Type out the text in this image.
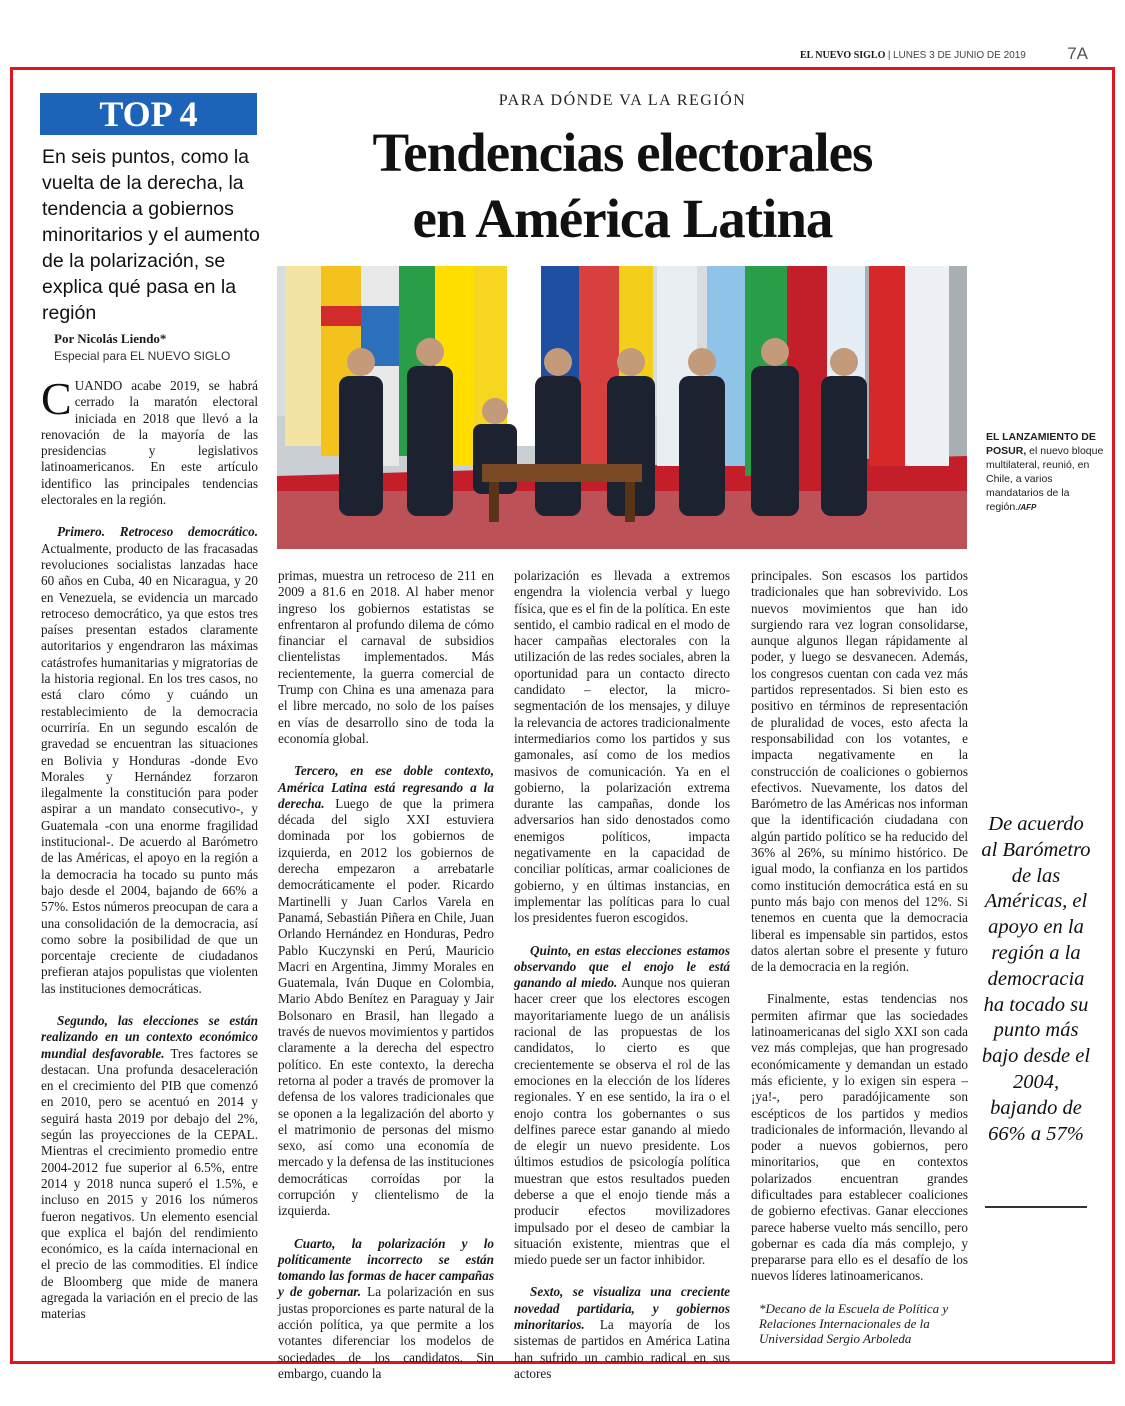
EL NUEVO SIGLO | LUNES 3 DE JUNIO DE 2019 7A
TOP 4
En seis puntos, como la vuelta de la derecha, la tendencia a gobiernos minoritarios y el aumento de la polarización, se explica qué pasa en la región
Por Nicolás Liendo*
Especial para EL NUEVO SIGLO
PARA DÓNDE VA LA REGIÓN
Tendencias electorales
en América Latina
EL LANZAMIENTO DE POSUR, el nuevo bloque multilateral, reunió, en Chile, a varios mandatarios de la región./AFP

CUANDO acabe 2019, se habrá cerrado la maratón electoral iniciada en 2018 que llevó a la renovación de la mayoría de las presidencias y legislativos latinoamericanos. En este artículo identifico las principales tendencias electorales en la región.

Primero. Retroceso democrático. Actualmente, producto de las fracasadas revoluciones socialistas lanzadas hace 60 años en Cuba, 40 en Nicaragua, y 20 en Venezuela, se evidencia un marcado retroceso democrático, ya que estos tres países presentan estados claramente autoritarios y engendraron las máximas catástrofes humanitarias y migratorias de la historia regional. En los tres casos, no está claro cómo y cuándo un restablecimiento de la democracia ocurriría. En un segundo escalón de gravedad se encuentran las situaciones en Bolivia y Honduras -donde Evo Morales y Hernández forzaron ilegalmente la constitución para poder aspirar a un mandato consecutivo-, y Guatemala -con una enorme fragilidad institucional-. De acuerdo al Barómetro de las Américas, el apoyo en la región a la democracia ha tocado su punto más bajo desde el 2004, bajando de 66% a 57%. Estos números preocupan de cara a una consolidación de la democracia, así como sobre la posibilidad de que un porcentaje creciente de ciudadanos prefieran atajos populistas que violenten las instituciones democráticas.

Segundo, las elecciones se están realizando en un contexto económico mundial desfavorable. Tres factores se destacan. Una profunda desaceleración en el crecimiento del PIB que comenzó en 2010, pero se acentuó en 2014 y seguirá hasta 2019 por debajo del 2%, según las proyecciones de la CEPAL. Mientras el crecimiento promedio entre 2004-2012 fue superior al 6.5%, entre 2014 y 2018 nunca superó el 1.5%, e incluso en 2015 y 2016 los números fueron negativos. Un elemento esencial que explica el bajón del rendimiento económico, es la caída internacional en el precio de las commodities. El índice de Bloomberg que mide de manera agregada la variación en el precio de las materias

primas, muestra un retroceso de 211 en 2009 a 81.6 en 2018. Al haber menor ingreso los gobiernos estatistas se enfrentaron al profundo dilema de cómo financiar el carnaval de subsidios clientelistas implementados. Más recientemente, la guerra comercial de Trump con China es una amenaza para el libre mercado, no solo de los países en vías de desarrollo sino de toda la economía global.

Tercero, en ese doble contexto, América Latina está regresando a la derecha. Luego de que la primera década del siglo XXI estuviera dominada por los gobiernos de izquierda, en 2012 los gobiernos de derecha empezaron a arrebatarle democráticamente el poder. Ricardo Martinelli y Juan Carlos Varela en Panamá, Sebastián Piñera en Chile, Juan Orlando Hernández en Honduras, Pedro Pablo Kuczynski en Perú, Mauricio Macri en Argentina, Jimmy Morales en Guatemala, Iván Duque en Colombia, Mario Abdo Benítez en Paraguay y Jair Bolsonaro en Brasil, han llegado a través de nuevos movimientos y partidos claramente a la derecha del espectro político. En este contexto, la derecha retorna al poder a través de promover la defensa de los valores tradicionales que se oponen a la legalización del aborto y el matrimonio de personas del mismo sexo, así como una economía de mercado y la defensa de las instituciones democráticas corroídas por la corrupción y clientelismo de la izquierda.

Cuarto, la polarización y lo políticamente incorrecto se están tomando las formas de hacer campañas y de gobernar. La polarización en sus justas proporciones es parte natural de la acción política, ya que permite a los votantes diferenciar los modelos de sociedades de los candidatos. Sin embargo, cuando la

polarización es llevada a extremos engendra la violencia verbal y luego física, que es el fin de la política. En este sentido, el cambio radical en el modo de hacer campañas electorales con la utilización de las redes sociales, abren la oportunidad para un contacto directo candidato – elector, la micro-segmentación de los mensajes, y diluye la relevancia de actores tradicionalmente intermediarios como los partidos y sus gamonales, así como de los medios masivos de comunicación. Ya en el gobierno, la polarización extrema durante las campañas, donde los adversarios han sido denostados como enemigos políticos, impacta negativamente en la capacidad de conciliar políticas, armar coaliciones de gobierno, y en últimas instancias, en implementar las políticas para lo cual los presidentes fueron escogidos.

Quinto, en estas elecciones estamos observando que el enojo le está ganando al miedo. Aunque nos quieran hacer creer que los electores escogen mayoritariamente luego de un análisis racional de las propuestas de los candidatos, lo cierto es que crecientemente se observa el rol de las emociones en la elección de los líderes regionales. Y en ese sentido, la ira o el enojo contra los gobernantes o sus delfines parece estar ganando al miedo de elegir un nuevo presidente. Los últimos estudios de psicología política muestran que estos resultados pueden deberse a que el enojo tiende más a producir efectos movilizadores impulsado por el deseo de cambiar la situación existente, mientras que el miedo puede ser un factor inhibidor.

Sexto, se visualiza una creciente novedad partidaria, y gobiernos minoritarios. La mayoría de los sistemas de partidos en América Latina han sufrido un cambio radical en sus actores

principales. Son escasos los partidos tradicionales que han sobrevivido. Los nuevos movimientos que han ido surgiendo rara vez logran consolidarse, aunque algunos llegan rápidamente al poder, y luego se desvanecen. Además, los congresos cuentan con cada vez más partidos representados. Si bien esto es positivo en términos de representación de pluralidad de voces, esto afecta la responsabilidad con los votantes, e impacta negativamente en la construcción de coaliciones o gobiernos efectivos. Nuevamente, los datos del Barómetro de las Américas nos informan que la identificación ciudadana con algún partido político se ha reducido del 36% al 26%, su mínimo histórico. De igual modo, la confianza en los partidos como institución democrática está en su punto más bajo con menos del 12%. Si tenemos en cuenta que la democracia liberal es impensable sin partidos, estos datos alertan sobre el presente y futuro de la democracia en la región.

Finalmente, estas tendencias nos permiten afirmar que las sociedades latinoamericanas del siglo XXI son cada vez más complejas, que han progresado económicamente y demandan un estado más eficiente, y lo exigen sin espera –¡ya!-, pero paradójicamente son escépticos de los partidos y medios tradicionales de información, llevando al poder a nuevos gobiernos, pero minoritarios, que en contextos polarizados encuentran grandes dificultades para establecer coaliciones de gobierno efectivas. Ganar elecciones parece haberse vuelto más sencillo, pero gobernar es cada día más complejo, y prepararse para ello es el desafío de los nuevos líderes latinoamericanos.

*Decano de la Escuela de Política y Relaciones Internacionales de la Universidad Sergio Arboleda

De acuerdo al Barómetro de las Américas, el apoyo en la región a la democracia ha tocado su punto más bajo desde el 2004, bajando de 66% a 57%
